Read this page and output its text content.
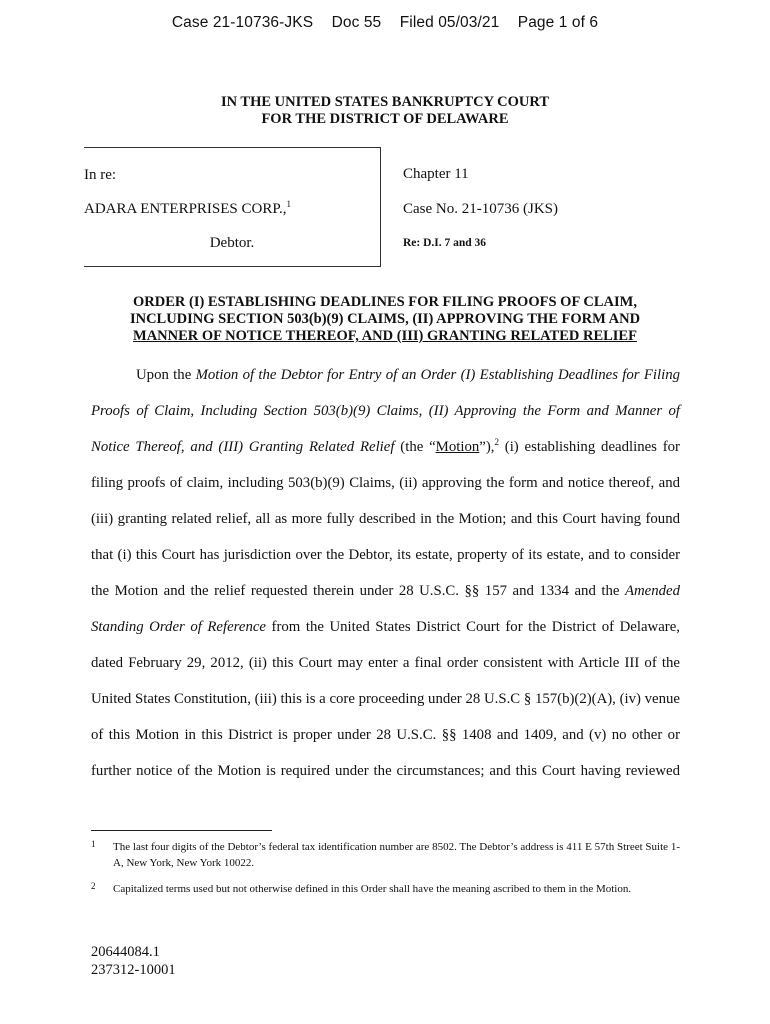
Case 21-10736-JKS Doc 55 Filed 05/03/21 Page 1 of 6
IN THE UNITED STATES BANKRUPTCY COURT
FOR THE DISTRICT OF DELAWARE
In re:
ADARA ENTERPRISES CORP.,$^1$
Debtor.
Chapter 11
Case No. 21-10736 (JKS)
Re: D.I. 7 and 36
ORDER (I) ESTABLISHING DEADLINES FOR FILING PROOFS OF CLAIM,
INCLUDING SECTION 503(b)(9) CLAIMS, (II) APPROVING THE FORM AND
MANNER OF NOTICE THEREOF, AND (III) GRANTING RELATED RELIEF
Upon the Motion of the Debtor for Entry of an Order (I) Establishing Deadlines for Filing
Proofs of Claim, Including Section 503(b)(9) Claims, (II) Approving the Form and Manner of
Notice Thereof, and (III) Granting Related Relief (the “Motion”),$^2$ (i) establishing deadlines for
filing proofs of claim, including 503(b)(9) Claims, (ii) approving the form and notice thereof, and
(iii) granting related relief, all as more fully described in the Motion; and this Court having found
that (i) this Court has jurisdiction over the Debtor, its estate, property of its estate, and to consider
the Motion and the relief requested therein under 28 U.S.C. §§ 157 and 1334 and the Amended
Standing Order of Reference from the United States District Court for the District of Delaware,
dated February 29, 2012, (ii) this Court may enter a final order consistent with Article III of the
United States Constitution, (iii) this is a core proceeding under 28 U.S.C § 157(b)(2)(A), (iv) venue
of this Motion in this District is proper under 28 U.S.C. §§ 1408 and 1409, and (v) no other or
further notice of the Motion is required under the circumstances; and this Court having reviewed
1 The last four digits of the Debtor’s federal tax identification number are 8502. The Debtor’s address is 411 E 57th Street Suite 1-A, New York, New York 10022.
2 Capitalized terms used but not otherwise defined in this Order shall have the meaning ascribed to them in the Motion.
20644084.1
237312-10001
